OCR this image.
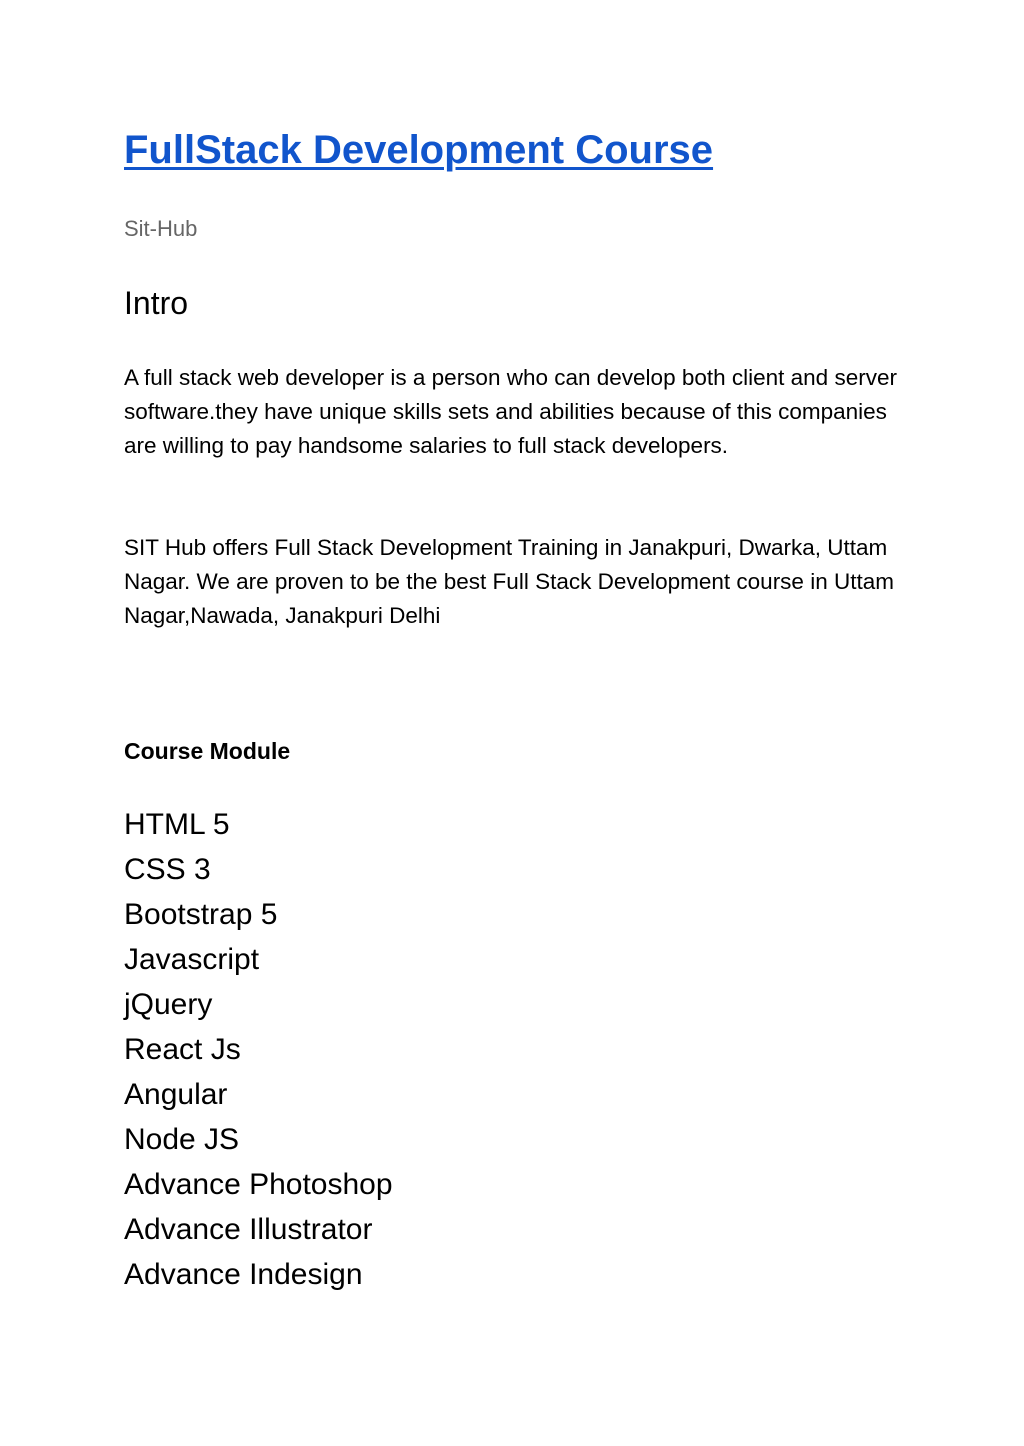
FullStack Development Course

Sit-Hub

Intro

A full stack web developer is a person who can develop both client and server software.they have unique skills sets and abilities because of this companies are willing to pay handsome salaries to full stack developers.

SIT Hub offers Full Stack Development Training in Janakpuri, Dwarka, Uttam Nagar. We are proven to be the best Full Stack Development course in Uttam Nagar,Nawada, Janakpuri Delhi

Course Module
HTML 5
CSS 3
Bootstrap 5
Javascript
jQuery
React Js
Angular
Node JS
Advance Photoshop
Advance Illustrator
Advance Indesign
